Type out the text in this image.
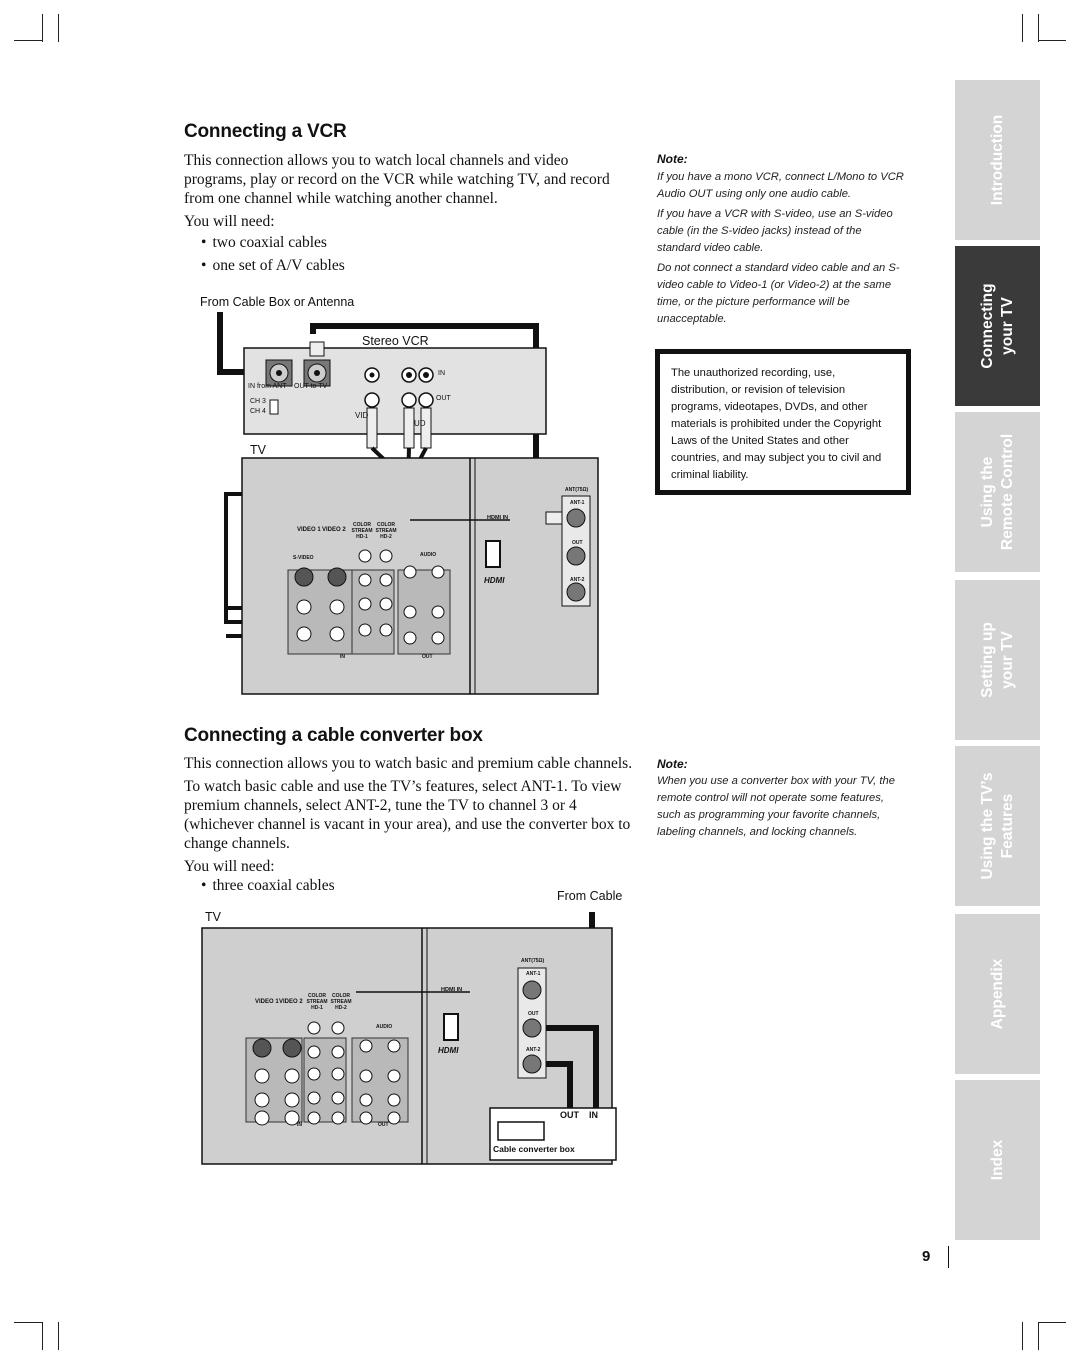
Connecting a VCR

This connection allows you to watch local channels and video programs, play or record on the VCR while watching TV, and record from one channel while watching another channel.

You will need:

• two coaxial cables
• one set of A/V cables
Note:

If you have a mono VCR, connect L/Mono to VCR Audio OUT using only one audio cable.

If you have a VCR with S-video, use an S-video cable (in the S-video jacks) instead of the standard video cable.

Do not connect a standard video cable and an S-video cable to Video-1 (or Video-2) at the same time, or the picture performance will be unacceptable.

The unauthorized recording, use, distribution, or revision of television programs, videotapes, DVDs, and other materials is prohibited under the Copyright Laws of the United States and other countries, and may subject you to civil and criminal liability.
From Cable Box or Antenna
Stereo VCR
TV
IN from ANT OUT to TV
CH 3
CH 4
IN
OUT
VID
UD
VIDEO 1 VIDEO 2
COLOR STREAM HD-1
COLOR STREAM HD-2
S-VIDEO	AUDIO
HDMI IN
HDMI
ANT(75Ω)
ANT-1
OUT
ANT-2
IN	OUT
Connecting a cable converter box

This connection allows you to watch basic and premium cable channels.

To watch basic cable and use the TV’s features, select ANT-1. To view premium channels, select ANT-2, tune the TV to channel 3 or 4 (whichever channel is vacant in your area), and use the converter box to change channels.

You will need:

• three coaxial cables
Note:
When you use a converter box with your TV, the remote control will not operate some features, such as programming your favorite channels, labeling channels, and locking channels.
From Cable
TV
Cable converter box
OUT IN
VIDEO 1 VIDEO 2
COLOR STREAM HD-1
COLOR STREAM HD-2
HDMI IN
HDMI
AUDIO
ANT(75Ω)
ANT-1
OUT
ANT-2
IN	OUT
Introduction
Connecting your TV
Using the Remote Control
Setting up your TV
Using the TV’s Features
Appendix
Index
9
